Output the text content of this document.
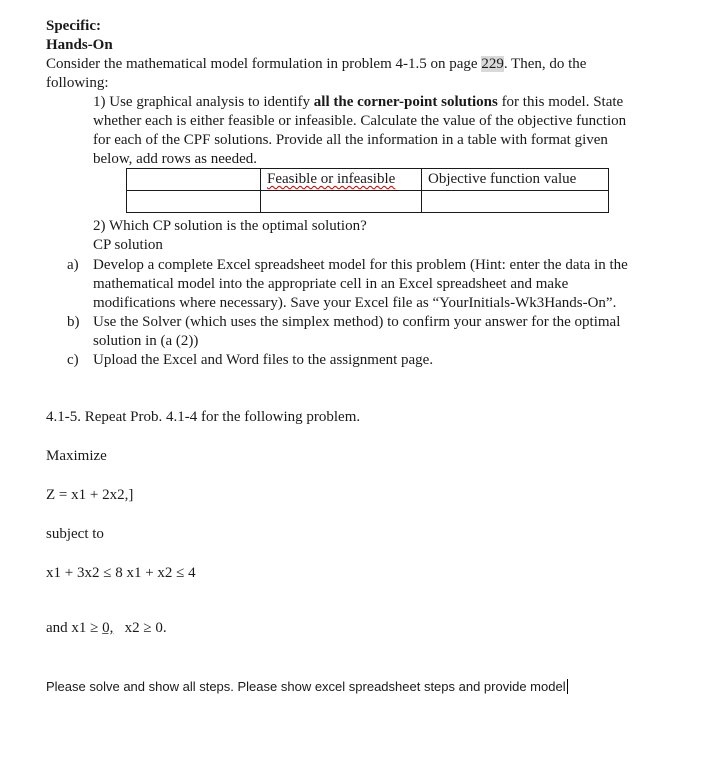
Specific:
Hands-On
Consider the mathematical model formulation in problem 4-1.5 on page 229. Then, do the
following:
1) Use graphical analysis to identify all the corner-point solutions for this model. State
whether each is either feasible or infeasible. Calculate the value of the objective function
for each of the CPF solutions. Provide all the information in a table with format given
below, add rows as needed.
	Feasible or infeasible	Objective function value

2) Which CP solution is the optimal solution?
CP solution
a) Develop a complete Excel spreadsheet model for this problem (Hint: enter the data in the
mathematical model into the appropriate cell in an Excel spreadsheet and make
modifications where necessary). Save your Excel file as “YourInitials-Wk3Hands-On”.
b) Use the Solver (which uses the simplex method) to confirm your answer for the optimal
solution in (a (2))
c) Upload the Excel and Word files to the assignment page.
4.1-5. Repeat Prob. 4.1-4 for the following problem.
Maximize
Z = x1 + 2x2,]
subject to
x1 + 3x2 ≤ 8 x1 + x2 ≤ 4
and x1 ≥ 0,   x2 ≥ 0.
Please solve and show all steps. Please show excel spreadsheet steps and provide model
